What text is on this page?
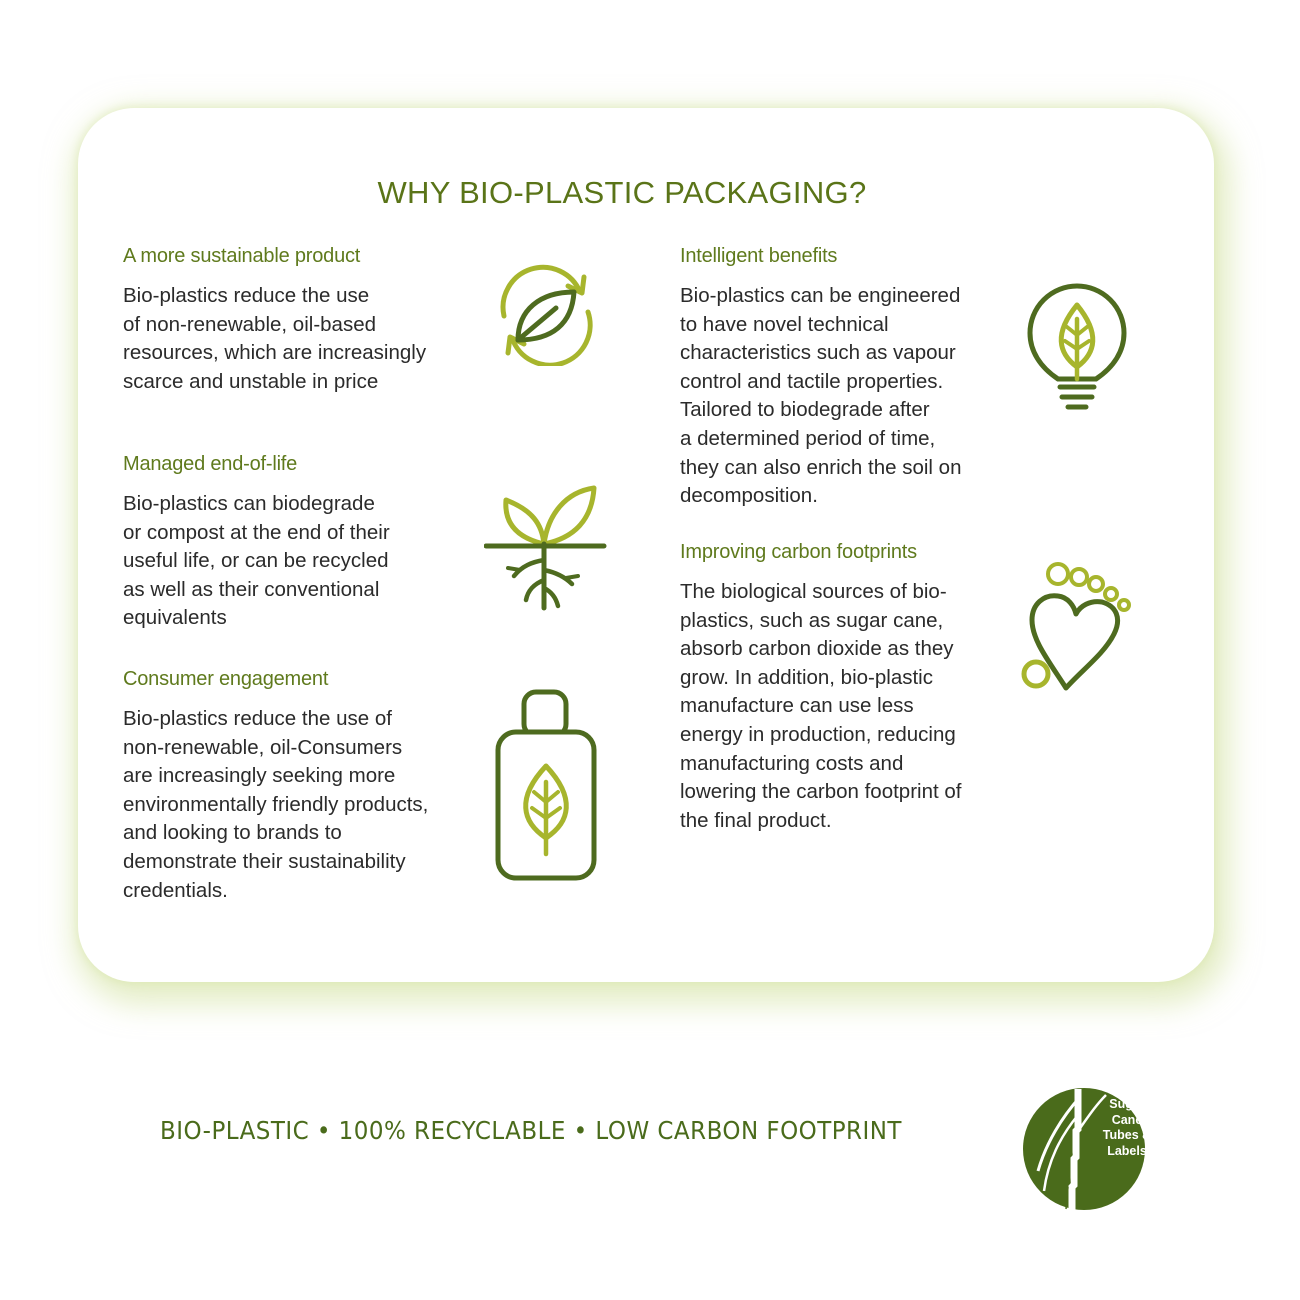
WHY BIO-PLASTIC PACKAGING?
A more sustainable product

Bio-plastics reduce the use
of non-renewable, oil-based
resources, which are increasingly
scarce and unstable in price

Managed end-of-life

Bio-plastics can biodegrade
or compost at the end of their
useful life, or can be recycled
as well as their conventional
equivalents

Consumer engagement

Bio-plastics reduce the use of
non-renewable, oil-Consumers
are increasingly seeking more
environmentally friendly products,
and looking to brands to
demonstrate their sustainability
credentials.

Intelligent benefits

Bio-plastics can be engineered
to have novel technical
characteristics such as vapour
control and tactile properties.
Tailored to biodegrade after
a determined period of time,
they can also enrich the soil on
decomposition.

Improving carbon footprints

The biological sources of bio-
plastics, such as sugar cane,
absorb carbon dioxide as they
grow. In addition, bio-plastic
manufacture can use less
energy in production, reducing
manufacturing costs and
lowering the carbon footprint of
the final product.

BIO-PLASTIC • 100% RECYCLABLE • LOW CARBON FOOTPRINT

Sugar
Cane
Tubes &
Labels
